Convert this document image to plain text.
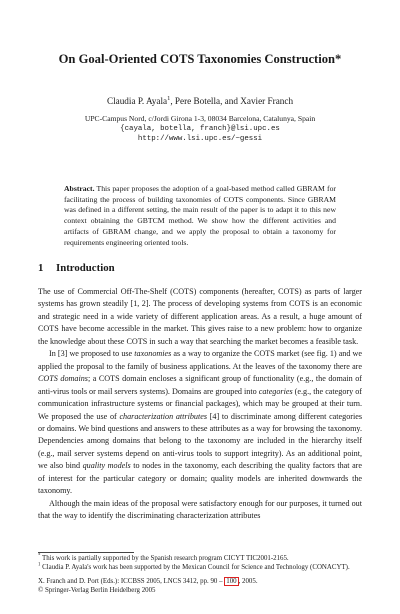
On Goal-Oriented COTS Taxonomies Construction*
Claudia P. Ayala$^1$, Pere Botella, and Xavier Franch
UPC-Campus Nord, c/Jordi Girona 1-3, 08034 Barcelona, Catalunya, Spain
{cayala, botella, franch}@lsi.upc.es
http://www.lsi.upc.es/~gessi
Abstract. This paper proposes the adoption of a goal-based method called GBRAM for facilitating the process of building taxonomies of COTS components. Since GBRAM was defined in a different setting, the main result of the paper is to adapt it to this new context obtaining the GBTCM method. We show how the different activities and artifacts of GBRAM change, and we apply the proposal to obtain a taxonomy for requirements engineering oriented tools.
1 Introduction

The use of Commercial Off-The-Shelf (COTS) components (hereafter, COTS) as parts of larger systems has grown steadily [1, 2]. The process of developing systems from COTS is an economic and strategic need in a wide variety of different application areas. As a result, a huge amount of COTS have become accessible in the market. This gives raise to a new problem: how to organize the knowledge about these COTS in such a way that searching the market becomes a feasible task.

In [3] we proposed to use taxonomies as a way to organize the COTS market (see fig. 1) and we applied the proposal to the family of business applications. At the leaves of the taxonomy there are COTS domains; a COTS domain encloses a significant group of functionality (e.g., the domain of anti-virus tools or mail servers systems). Domains are grouped into categories (e.g., the category of communication infrastructure systems or financial packages), which may be grouped at their turn. We proposed the use of characterization attributes [4] to discriminate among different categories or domains. We bind questions and answers to these attributes as a way for browsing the taxonomy. Dependencies among domains that belong to the taxonomy are included in the hierarchy itself (e.g., mail server systems depend on anti-virus tools to support integrity). As an additional point, we also bind quality models to nodes in the taxonomy, each describing the quality factors that are of interest for the particular category or domain; quality models are inherited downwards the taxonomy.

Although the main ideas of the proposal were satisfactory enough for our purposes, it turned out that the way to identify the discriminating characterization attributes

* This work is partially supported by the Spanish research program CICYT TIC2001-2165.

$^1$ Claudia P. Ayala's work has been supported by the Mexican Council for Science and Technology (CONACYT).

X. Franch and D. Port (Eds.): ICCBSS 2005, LNCS 3412, pp. 90 – 100 , 2005.
© Springer-Verlag Berlin Heidelberg 2005
